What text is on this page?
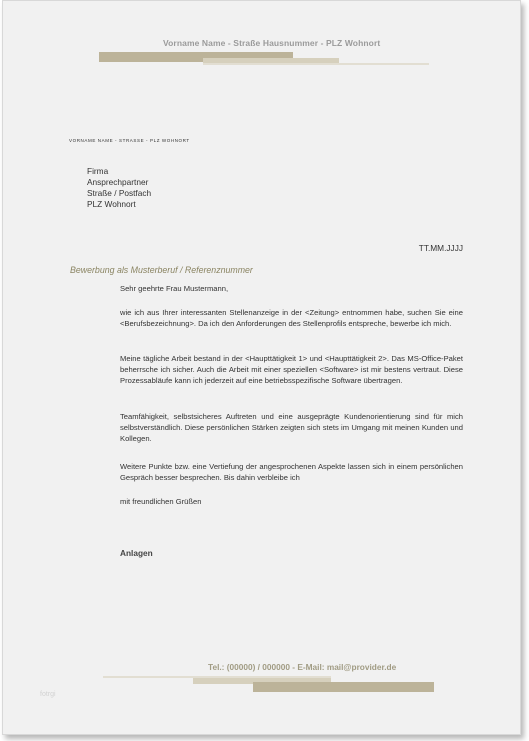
Vorname Name - Straße Hausnummer - PLZ Wohnort
VORNAME NAME - STRASSE - PLZ WOHNORT
Firma
Ansprechpartner
Straße / Postfach
PLZ Wohnort
TT.MM.JJJJ
Bewerbung als Musterberuf / Referenznummer
Sehr geehrte Frau Mustermann,
wie ich aus Ihrer interessanten Stellenanzeige in der <Zeitung> entnommen habe, suchen Sie eine <Berufsbezeichnung>. Da ich den Anforderungen des Stellenprofils entspreche, bewerbe ich mich.
Meine tägliche Arbeit bestand in der <Haupttätigkeit 1> und <Haupttätigkeit 2>. Das MS-Office-Paket beherrsche ich sicher. Auch die Arbeit mit einer speziellen <Software> ist mir bestens vertraut. Diese Prozessabläufe kann ich jederzeit auf eine betriebsspezifische Software übertragen.
Teamfähigkeit, selbstsicheres Auftreten und eine ausgeprägte Kundenorientierung sind für mich selbstverständlich. Diese persönlichen Stärken zeigten sich stets im Umgang mit meinen Kunden und Kollegen.
Weitere Punkte bzw. eine Vertiefung der angesprochenen Aspekte lassen sich in einem persönlichen Gespräch besser besprechen. Bis dahin verbleibe ich
mit freundlichen Grüßen
Anlagen
Tel.: (00000) / 000000 - E-Mail: mail@provider.de
fotrgi
